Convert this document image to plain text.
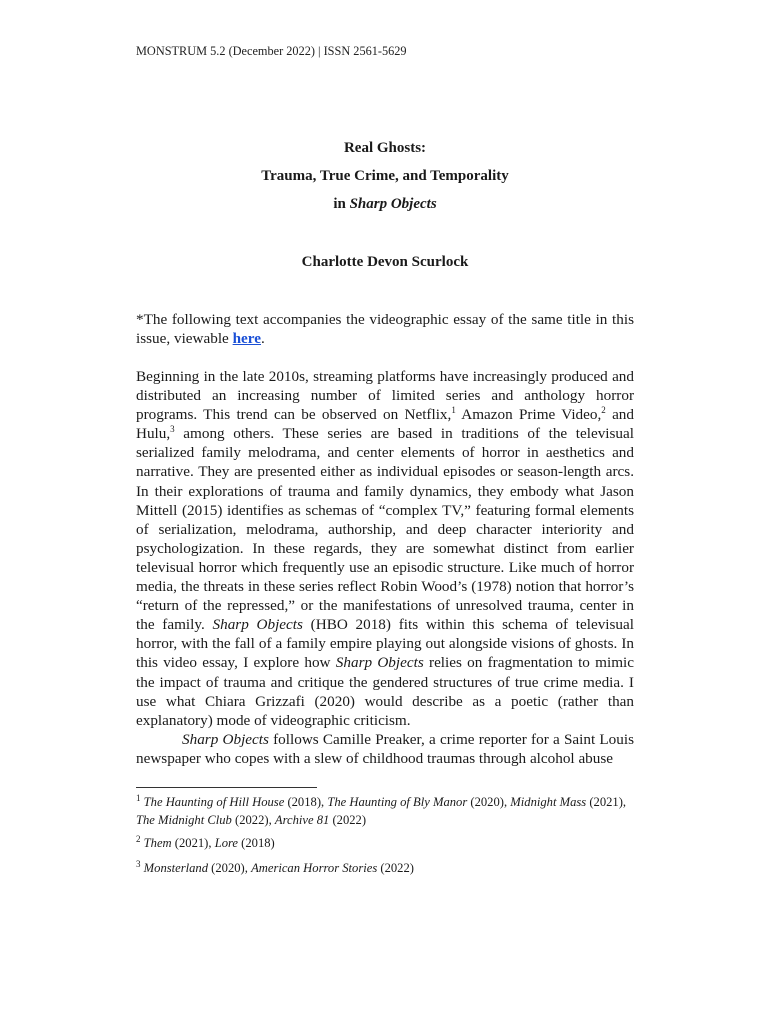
MONSTRUM 5.2 (December 2022) | ISSN 2561-5629
Real Ghosts:
Trauma, True Crime, and Temporality
in Sharp Objects
Charlotte Devon Scurlock

*The following text accompanies the videographic essay of the same title in this issue, viewable here.

Beginning in the late 2010s, streaming platforms have increasingly produced and distributed an increasing number of limited series and anthology horror programs. This trend can be observed on Netflix,$^1$ Amazon Prime Video,$^2$ and Hulu,$^3$ among others. These series are based in traditions of the televisual serialized family melodrama, and center elements of horror in aesthetics and narrative. They are presented either as individual episodes or season-length arcs. In their explorations of trauma and family dynamics, they embody what Jason Mittell (2015) identifies as schemas of “complex TV,” featuring formal elements of serialization, melodrama, authorship, and deep character interiority and psychologization. In these regards, they are somewhat distinct from earlier televisual horror which frequently use an episodic structure. Like much of horror media, the threats in these series reflect Robin Wood’s (1978) notion that horror’s “return of the repressed,” or the manifestations of unresolved trauma, center in the family. Sharp Objects (HBO 2018) fits within this schema of televisual horror, with the fall of a family empire playing out alongside visions of ghosts. In this video essay, I explore how Sharp Objects relies on fragmentation to mimic the impact of trauma and critique the gendered structures of true crime media. I use what Chiara Grizzafi (2020) would describe as a poetic (rather than explanatory) mode of videographic criticism.

Sharp Objects follows Camille Preaker, a crime reporter for a Saint Louis newspaper who copes with a slew of childhood traumas through alcohol abuse

$^1$ The Haunting of Hill House (2018), The Haunting of Bly Manor (2020), Midnight Mass (2021), The Midnight Club (2022), Archive 81 (2022)
$^2$ Them (2021), Lore (2018)
$^3$ Monsterland (2020), American Horror Stories (2022)
